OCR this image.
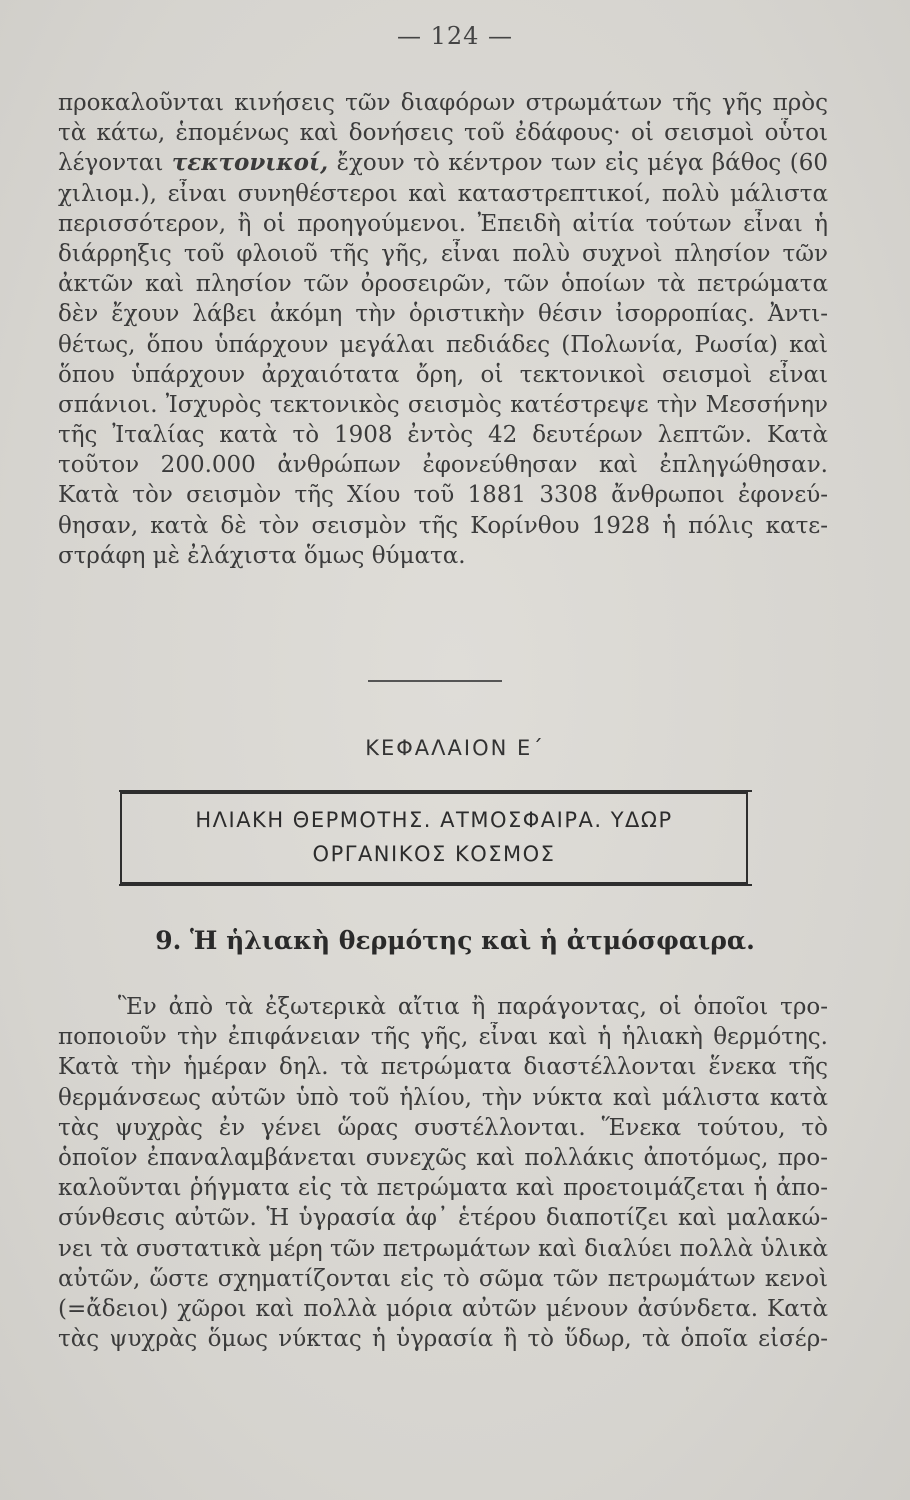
— 124 —
προκαλοῦνται κινήσεις τῶν διαφόρων στρωμάτων τῆς γῆς πρὸς
τὰ κάτω, ἑπομένως καὶ δονήσεις τοῦ ἐδάφους· οἱ σεισμοὶ οὗτοι
λέγονται τεκτονικοί, ἔχουν τὸ κέντρον των εἰς μέγα βάθος (60
χιλιομ.), εἶναι συνηθέστεροι καὶ καταστρεπτικοί, πολὺ μάλιστα
περισσότερον, ἢ οἱ προηγούμενοι. Ἐπειδὴ αἰτία τούτων εἶναι ἡ
διάρρηξις τοῦ φλοιοῦ τῆς γῆς, εἶναι πολὺ συχνοὶ πλησίον τῶν
ἀκτῶν καὶ πλησίον τῶν ὀροσειρῶν, τῶν ὁποίων τὰ πετρώματα
δὲν ἔχουν λάβει ἀκόμη τὴν ὁριστικὴν θέσιν ἰσορροπίας. Ἀντι-
θέτως, ὅπου ὑπάρχουν μεγάλαι πεδιάδες (Πολωνία, Ρωσία) καὶ
ὅπου ὑπάρχουν ἀρχαιότατα ὄρη, οἱ τεκτονικοὶ σεισμοὶ εἶναι
σπάνιοι. Ἰσχυρὸς τεκτονικὸς σεισμὸς κατέστρεψε τὴν Μεσσήνην
τῆς Ἰταλίας κατὰ τὸ 1908 ἐντὸς 42 δευτέρων λεπτῶν. Κατὰ
τοῦτον 200.000 ἀνθρώπων ἐφονεύθησαν καὶ ἐπληγώθησαν.
Κατὰ τὸν σεισμὸν τῆς Χίου τοῦ 1881 3308 ἄνθρωποι ἐφονεύ-
θησαν, κατὰ δὲ τὸν σεισμὸν τῆς Κορίνθου 1928 ἡ πόλις κατε-
στράφη μὲ ἐλάχιστα ὅμως θύματα.
ΚΕΦΑΛΑΙΟΝ Ε΄
ΗΛΙΑΚΗ ΘΕΡΜΟΤΗΣ. ΑΤΜΟΣΦΑΙΡΑ. ΥΔΩΡ
ΟΡΓΑΝΙΚΟΣ ΚΟΣΜΟΣ
9. Ἡ ἡλιακὴ θερμότης καὶ ἡ ἀτμόσφαιρα.
Ἓν ἀπὸ τὰ ἐξωτερικὰ αἴτια ἢ παράγοντας, οἱ ὁποῖοι τρο-
ποποιοῦν τὴν ἐπιφάνειαν τῆς γῆς, εἶναι καὶ ἡ ἡλιακὴ θερμότης.
Κατὰ τὴν ἡμέραν δηλ. τὰ πετρώματα διαστέλλονται ἕνεκα τῆς
θερμάνσεως αὐτῶν ὑπὸ τοῦ ἡλίου, τὴν νύκτα καὶ μάλιστα κατὰ
τὰς ψυχρὰς ἐν γένει ὥρας συστέλλονται. Ἕνεκα τούτου, τὸ
ὁποῖον ἐπαναλαμβάνεται συνεχῶς καὶ πολλάκις ἀποτόμως, προ-
καλοῦνται ῥήγματα εἰς τὰ πετρώματα καὶ προετοιμάζεται ἡ ἀπο-
σύνθεσις αὐτῶν. Ἡ ὑγρασία ἀφ᾽ ἑτέρου διαποτίζει καὶ μαλακώ-
νει τὰ συστατικὰ μέρη τῶν πετρωμάτων καὶ διαλύει πολλὰ ὑλικὰ
αὐτῶν, ὥστε σχηματίζονται εἰς τὸ σῶμα τῶν πετρωμάτων κενοὶ
(=ἄδειοι) χῶροι καὶ πολλὰ μόρια αὐτῶν μένουν ἀσύνδετα. Κατὰ
τὰς ψυχρὰς ὅμως νύκτας ἡ ὑγρασία ἢ τὸ ὕδωρ, τὰ ὁποῖα εἰσέρ-
